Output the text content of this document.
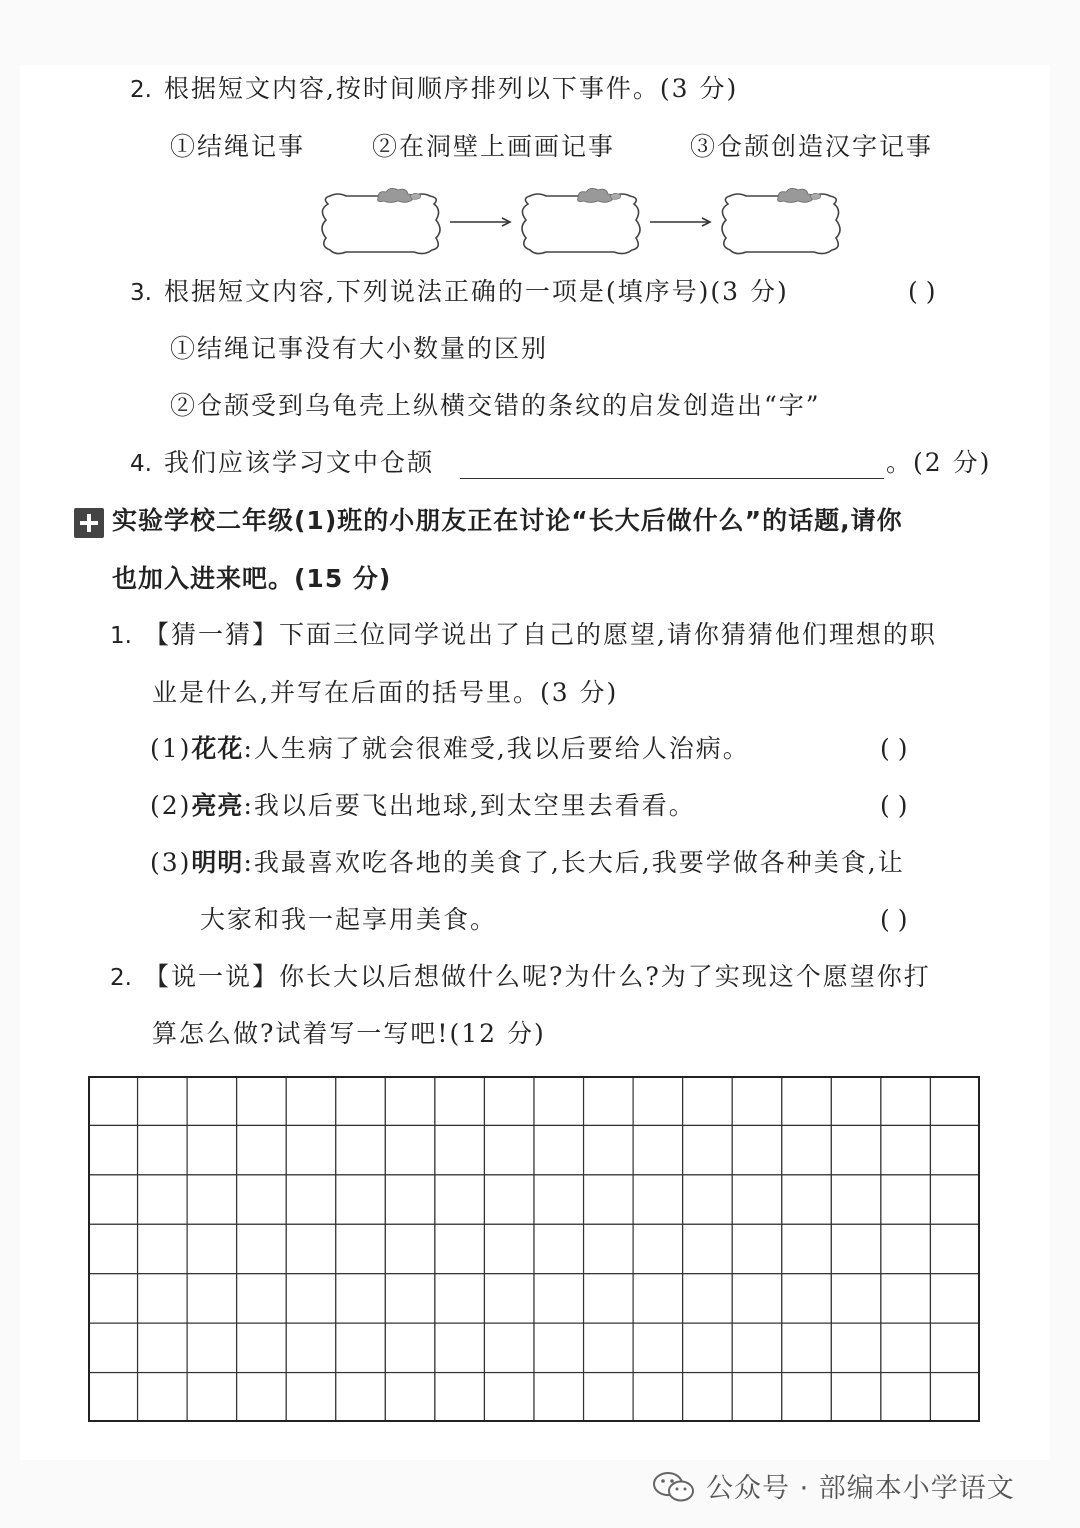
2. 根据短文内容,按时间顺序排列以下事件。(3 分)
①结绳记事	②在洞壁上画画记事	③仓颉创造汉字记事
3. 根据短文内容,下列说法正确的一项是(填序号)(3 分)	( )
①结绳记事没有大小数量的区别
②仓颉受到乌龟壳上纵横交错的条纹的启发创造出“字”
4. 我们应该学习文中仓颉	。(2 分)
实验学校二年级(1)班的小朋友正在讨论“长大后做什么”的话题,请你
也加入进来吧。(15 分)
1. 【猜一猜】下面三位同学说出了自己的愿望,请你猜猜他们理想的职
业是什么,并写在后面的括号里。(3 分)
(1)花花:人生病了就会很难受,我以后要给人治病。	( )
(2)亮亮:我以后要飞出地球,到太空里去看看。	( )
(3)明明:我最喜欢吃各地的美食了,长大后,我要学做各种美食,让
大家和我一起享用美食。	( )
2. 【说一说】你长大以后想做什么呢?为什么?为了实现这个愿望你打
算怎么做?试着写一写吧!(12 分)
公众号 · 部编本小学语文
